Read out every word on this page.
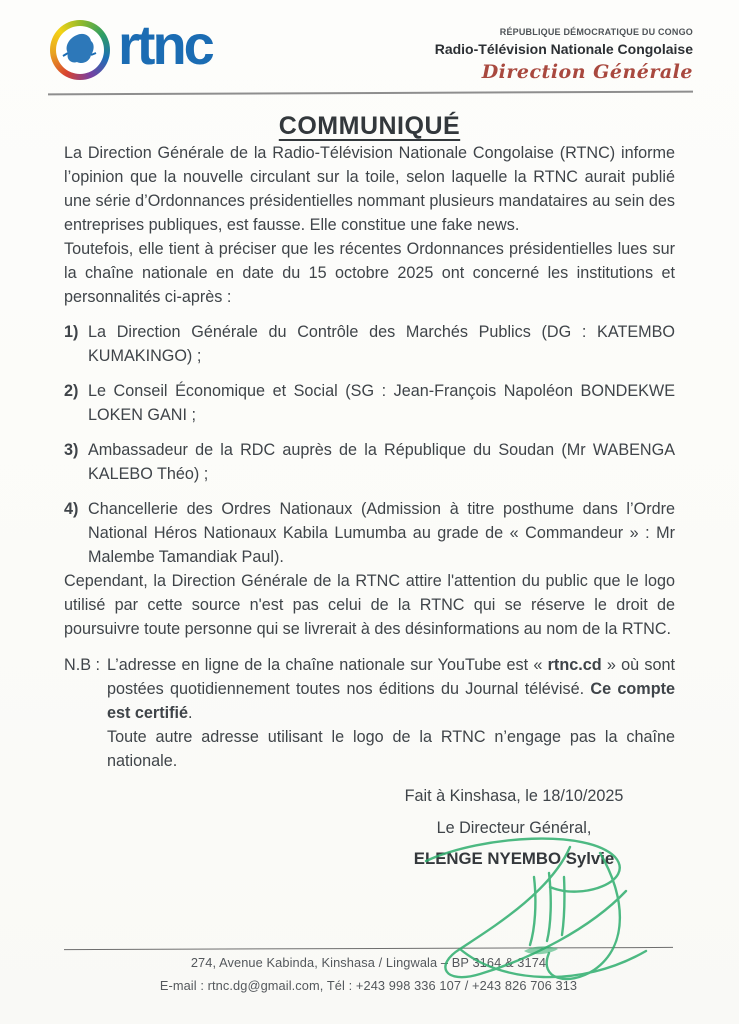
rtnc	RÉPUBLIQUE DÉMOCRATIQUE DU CONGO
Radio-Télévision Nationale Congolaise
Direction Générale
COMMUNIQUÉ

La Direction Générale de la Radio-Télévision Nationale Congolaise (RTNC) informe l’opinion que la nouvelle circulant sur la toile, selon laquelle la RTNC aurait publié une série d’Ordonnances présidentielles nommant plusieurs mandataires au sein des entreprises publiques, est fausse. Elle constitue une fake news.

Toutefois, elle tient à préciser que les récentes Ordonnances présidentielles lues sur la chaîne nationale en date du 15 octobre 2025 ont concerné les institutions et personnalités ci-après :

1) La Direction Générale du Contrôle des Marchés Publics (DG : KATEMBO KUMAKINGO) ;
2) Le Conseil Économique et Social (SG : Jean-François Napoléon BONDEKWE LOKEN GANI ;
3) Ambassadeur de la RDC auprès de la République du Soudan (Mr WABENGA KALEBO Théo) ;
4) Chancellerie des Ordres Nationaux (Admission à titre posthume dans l’Ordre National Héros Nationaux Kabila Lumumba au grade de « Commandeur » : Mr Malembe Tamandiak Paul).

Cependant, la Direction Générale de la RTNC attire l'attention du public que le logo utilisé par cette source n'est pas celui de la RTNC qui se réserve le droit de poursuivre toute personne qui se livrerait à des désinformations au nom de la RTNC.

N.B : L’adresse en ligne de la chaîne nationale sur YouTube est « rtnc.cd » où sont postées quotidiennement toutes nos éditions du Journal télévisé. Ce compte est certifié.

Toute autre adresse utilisant le logo de la RTNC n’engage pas la chaîne nationale.

Fait à Kinshasa, le 18/10/2025
Le Directeur Général,
ELENGE NYEMBO Sylvie
274, Avenue Kabinda, Kinshasa / Lingwala – BP 3164 & 3174
E-mail : rtnc.dg@gmail.com, Tél : +243 998 336 107 / +243 826 706 313
